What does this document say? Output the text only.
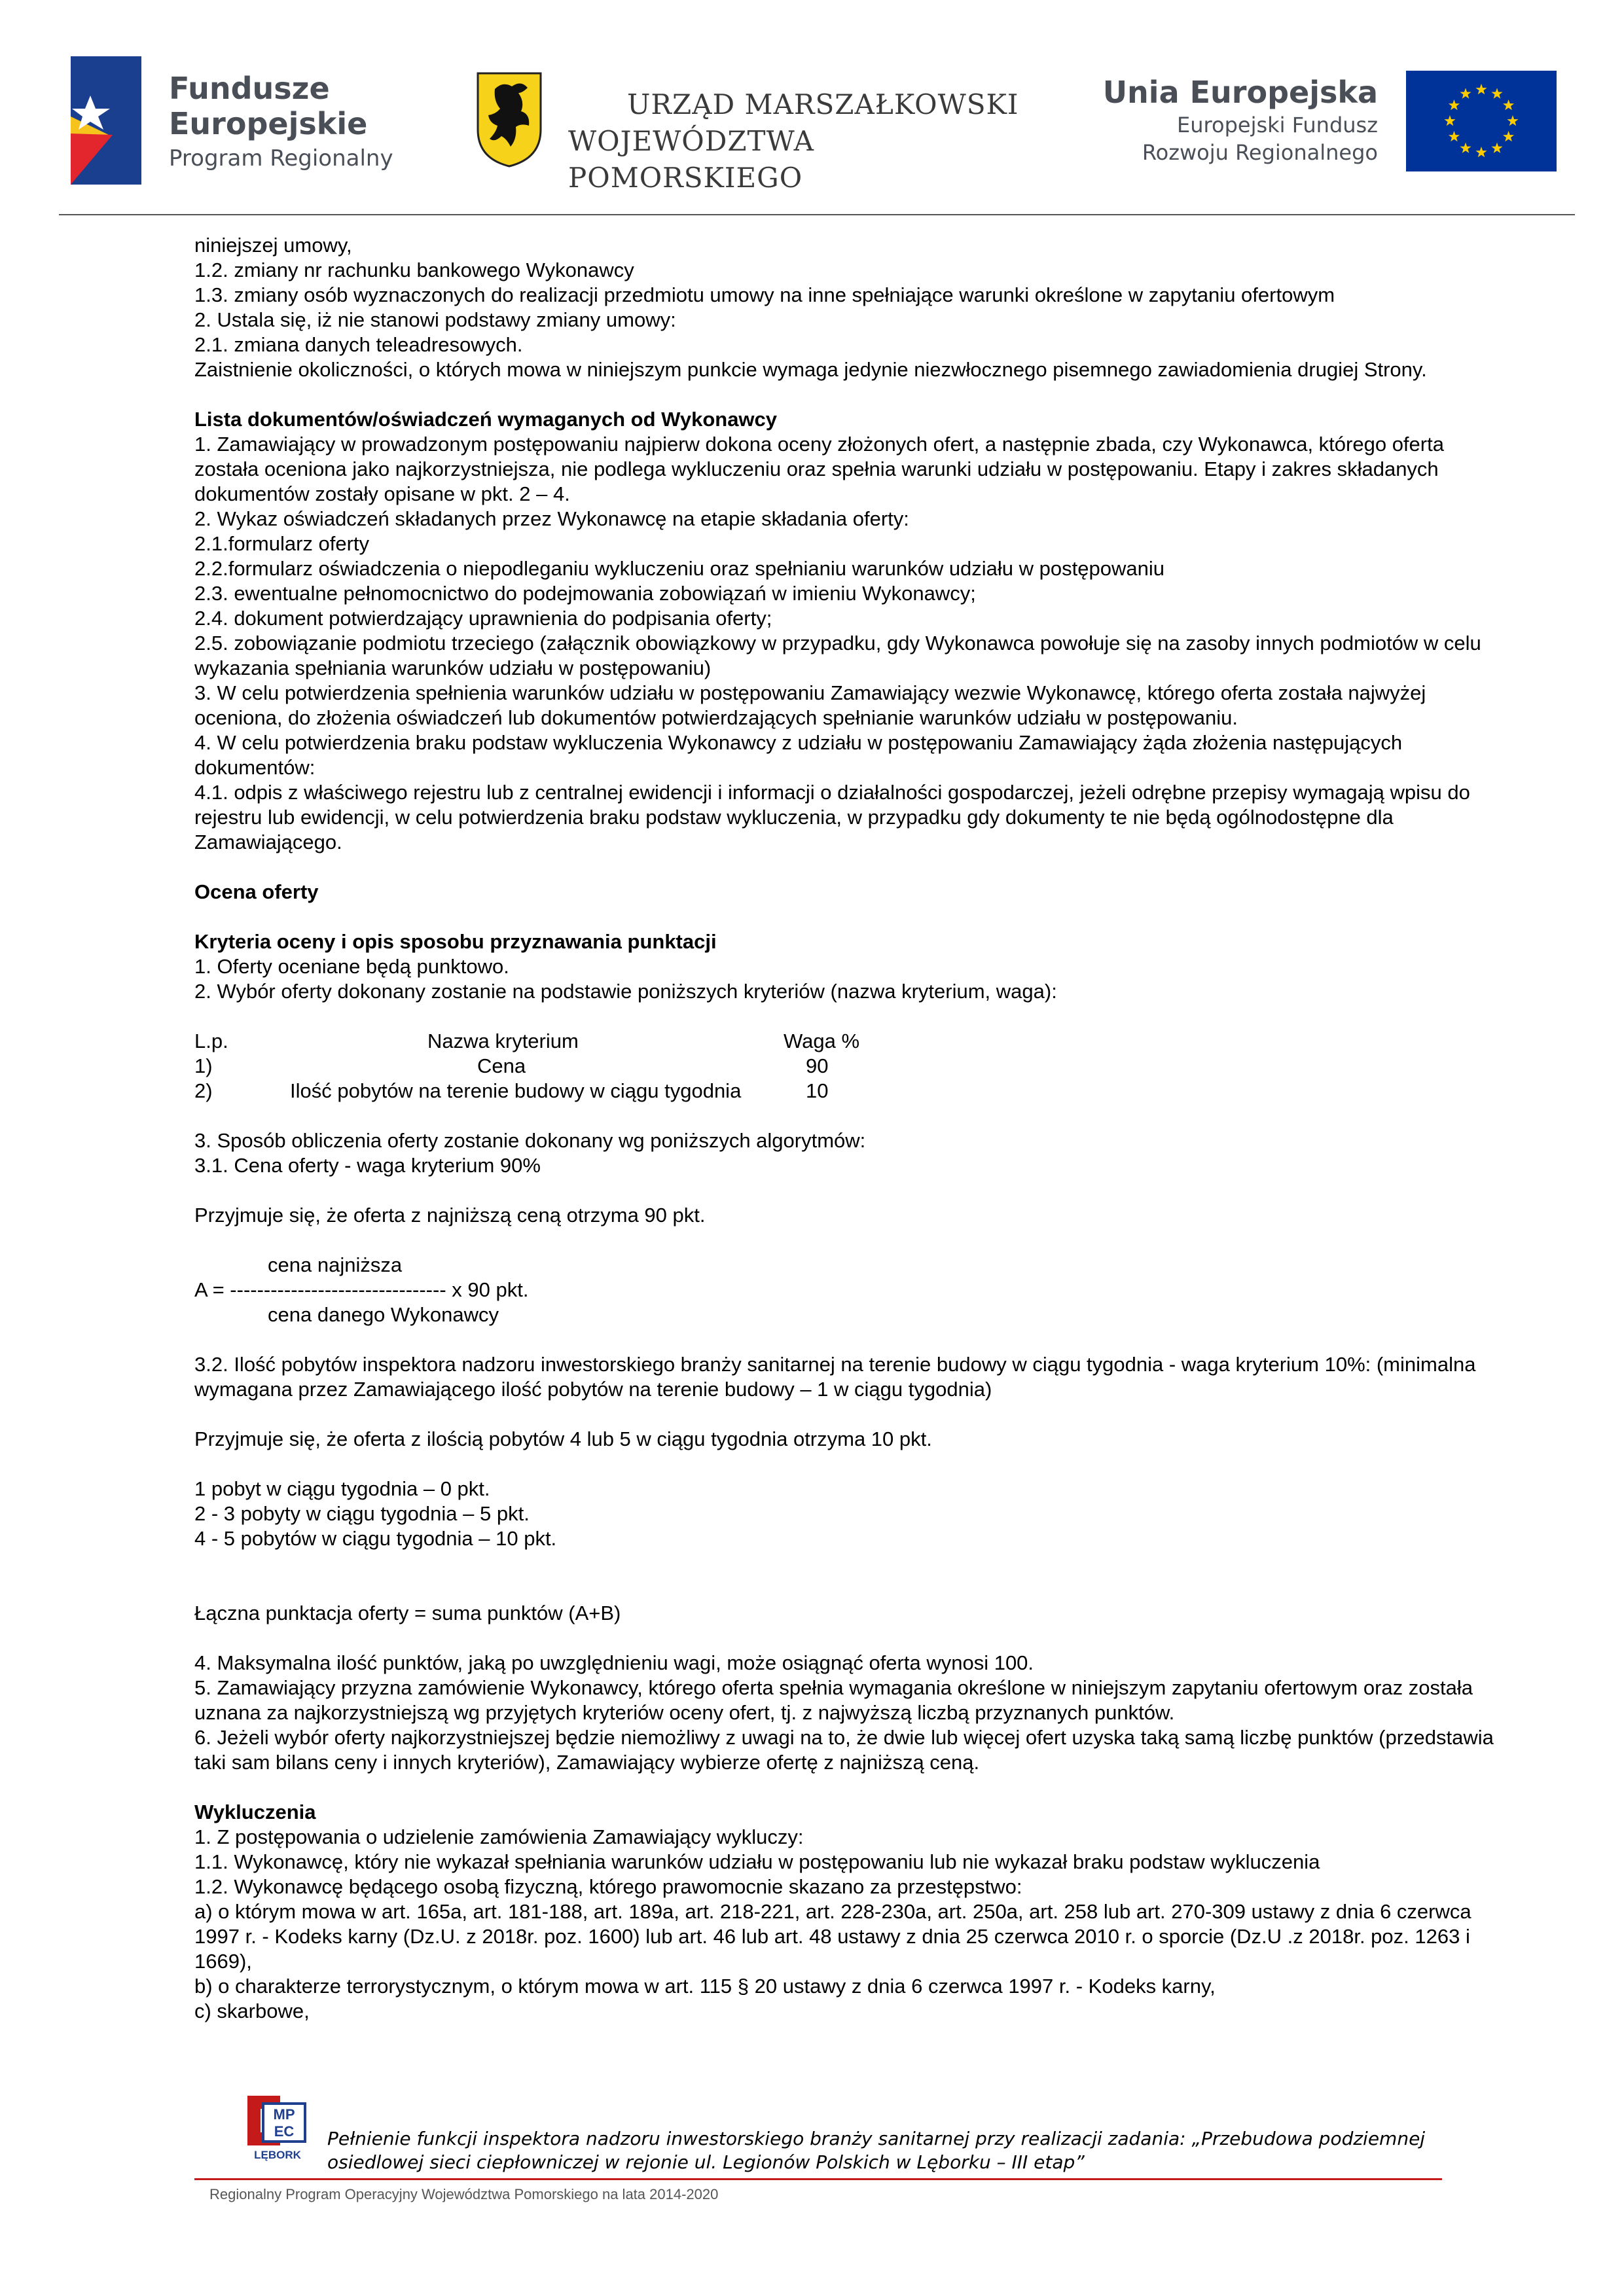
Fundusze
Europejskie
Program Regionalny
URZĄD MARSZAŁKOWSKI
WOJEWÓDZTWA POMORSKIEGO
Unia Europejska
Europejski Fundusz
Rozwoju Regionalnego

niniejszej umowy,

1.2. zmiany nr rachunku bankowego Wykonawcy

1.3. zmiany osób wyznaczonych do realizacji przedmiotu umowy na inne spełniające warunki określone w zapytaniu ofertowym

2. Ustala się, iż nie stanowi podstawy zmiany umowy:

2.1. zmiana danych teleadresowych.

Zaistnienie okoliczności, o których mowa w niniejszym punkcie wymaga jedynie niezwłocznego pisemnego zawiadomienia drugiej Strony.

Lista dokumentów/oświadczeń wymaganych od Wykonawcy

1. Zamawiający w prowadzonym postępowaniu najpierw dokona oceny złożonych ofert, a następnie zbada, czy Wykonawca, którego oferta została oceniona jako najkorzystniejsza, nie podlega wykluczeniu oraz spełnia warunki udziału w postępowaniu. Etapy i zakres składanych dokumentów zostały opisane w pkt. 2 – 4.

2. Wykaz oświadczeń składanych przez Wykonawcę na etapie składania oferty:

2.1.formularz oferty

2.2.formularz oświadczenia o niepodleganiu wykluczeniu oraz spełnianiu warunków udziału w postępowaniu

2.3. ewentualne pełnomocnictwo do podejmowania zobowiązań w imieniu Wykonawcy;

2.4. dokument potwierdzający uprawnienia do podpisania oferty;

2.5. zobowiązanie podmiotu trzeciego (załącznik obowiązkowy w przypadku, gdy Wykonawca powołuje się na zasoby innych podmiotów w celu wykazania spełniania warunków udziału w postępowaniu)

3. W celu potwierdzenia spełnienia warunków udziału w postępowaniu Zamawiający wezwie Wykonawcę, którego oferta została najwyżej oceniona, do złożenia oświadczeń lub dokumentów potwierdzających spełnianie warunków udziału w postępowaniu.

4. W celu potwierdzenia braku podstaw wykluczenia Wykonawcy z udziału w postępowaniu Zamawiający żąda złożenia następujących dokumentów:

4.1. odpis z właściwego rejestru lub z centralnej ewidencji i informacji o działalności gospodarczej, jeżeli odrębne przepisy wymagają wpisu do rejestru lub ewidencji, w celu potwierdzenia braku podstaw wykluczenia, w przypadku gdy dokumenty te nie będą ogólnodostępne dla Zamawiającego.

Ocena oferty

Kryteria oceny i opis sposobu przyznawania punktacji

1. Oferty oceniane będą punktowo.

2. Wybór oferty dokonany zostanie na podstawie poniższych kryteriów (nazwa kryterium, waga):

L.p.	Nazwa kryterium	Waga %
1)	Cena	90
2)	Ilość pobytów na terenie budowy w ciągu tygodnia	10

3. Sposób obliczenia oferty zostanie dokonany wg poniższych algorytmów:

3.1. Cena oferty - waga kryterium 90%

Przyjmuje się, że oferta z najniższą ceną otrzyma 90 pkt.

cena najniższa

A = -------------------------------- x 90 pkt.

cena danego Wykonawcy

3.2. Ilość pobytów inspektora nadzoru inwestorskiego branży sanitarnej na terenie budowy w ciągu tygodnia - waga kryterium 10%: (minimalna wymagana przez Zamawiającego ilość pobytów na terenie budowy – 1 w ciągu tygodnia)

Przyjmuje się, że oferta z ilością pobytów 4 lub 5 w ciągu tygodnia otrzyma 10 pkt.

1 pobyt w ciągu tygodnia – 0 pkt.

2 - 3 pobyty w ciągu tygodnia – 5 pkt.

4 - 5 pobytów w ciągu tygodnia – 10 pkt.

Łączna punktacja oferty = suma punktów (A+B)

4. Maksymalna ilość punktów, jaką po uwzględnieniu wagi, może osiągnąć oferta wynosi 100.

5. Zamawiający przyzna zamówienie Wykonawcy, którego oferta spełnia wymagania określone w niniejszym zapytaniu ofertowym oraz została uznana za najkorzystniejszą wg przyjętych kryteriów oceny ofert, tj. z najwyższą liczbą przyznanych punktów.

6. Jeżeli wybór oferty najkorzystniejszej będzie niemożliwy z uwagi na to, że dwie lub więcej ofert uzyska taką samą liczbę punktów (przedstawia taki sam bilans ceny i innych kryteriów), Zamawiający wybierze ofertę z najniższą ceną.

Wykluczenia

1. Z postępowania o udzielenie zamówienia Zamawiający wykluczy:

1.1. Wykonawcę, który nie wykazał spełniania warunków udziału w postępowaniu lub nie wykazał braku podstaw wykluczenia

1.2. Wykonawcę będącego osobą fizyczną, którego prawomocnie skazano za przestępstwo:

a) o którym mowa w art. 165a, art. 181-188, art. 189a, art. 218-221, art. 228-230a, art. 250a, art. 258 lub art. 270-309 ustawy z dnia 6 czerwca 1997 r. - Kodeks karny (Dz.U. z 2018r. poz. 1600) lub art. 46 lub art. 48 ustawy z dnia 25 czerwca 2010 r. o sporcie (Dz.U .z 2018r. poz. 1263 i 1669),

b) o charakterze terrorystycznym, o którym mowa w art. 115 § 20 ustawy z dnia 6 czerwca 1997 r. - Kodeks karny,

c) skarbowe,

MP
EC
LĘBORK
Pełnienie funkcji inspektora nadzoru inwestorskiego branży sanitarnej przy realizacji zadania: „Przebudowa podziemnej osiedlowej sieci ciepłowniczej w rejonie ul. Legionów Polskich w Lęborku – III etap”
Regionalny Program Operacyjny Województwa Pomorskiego na lata 2014-2020
